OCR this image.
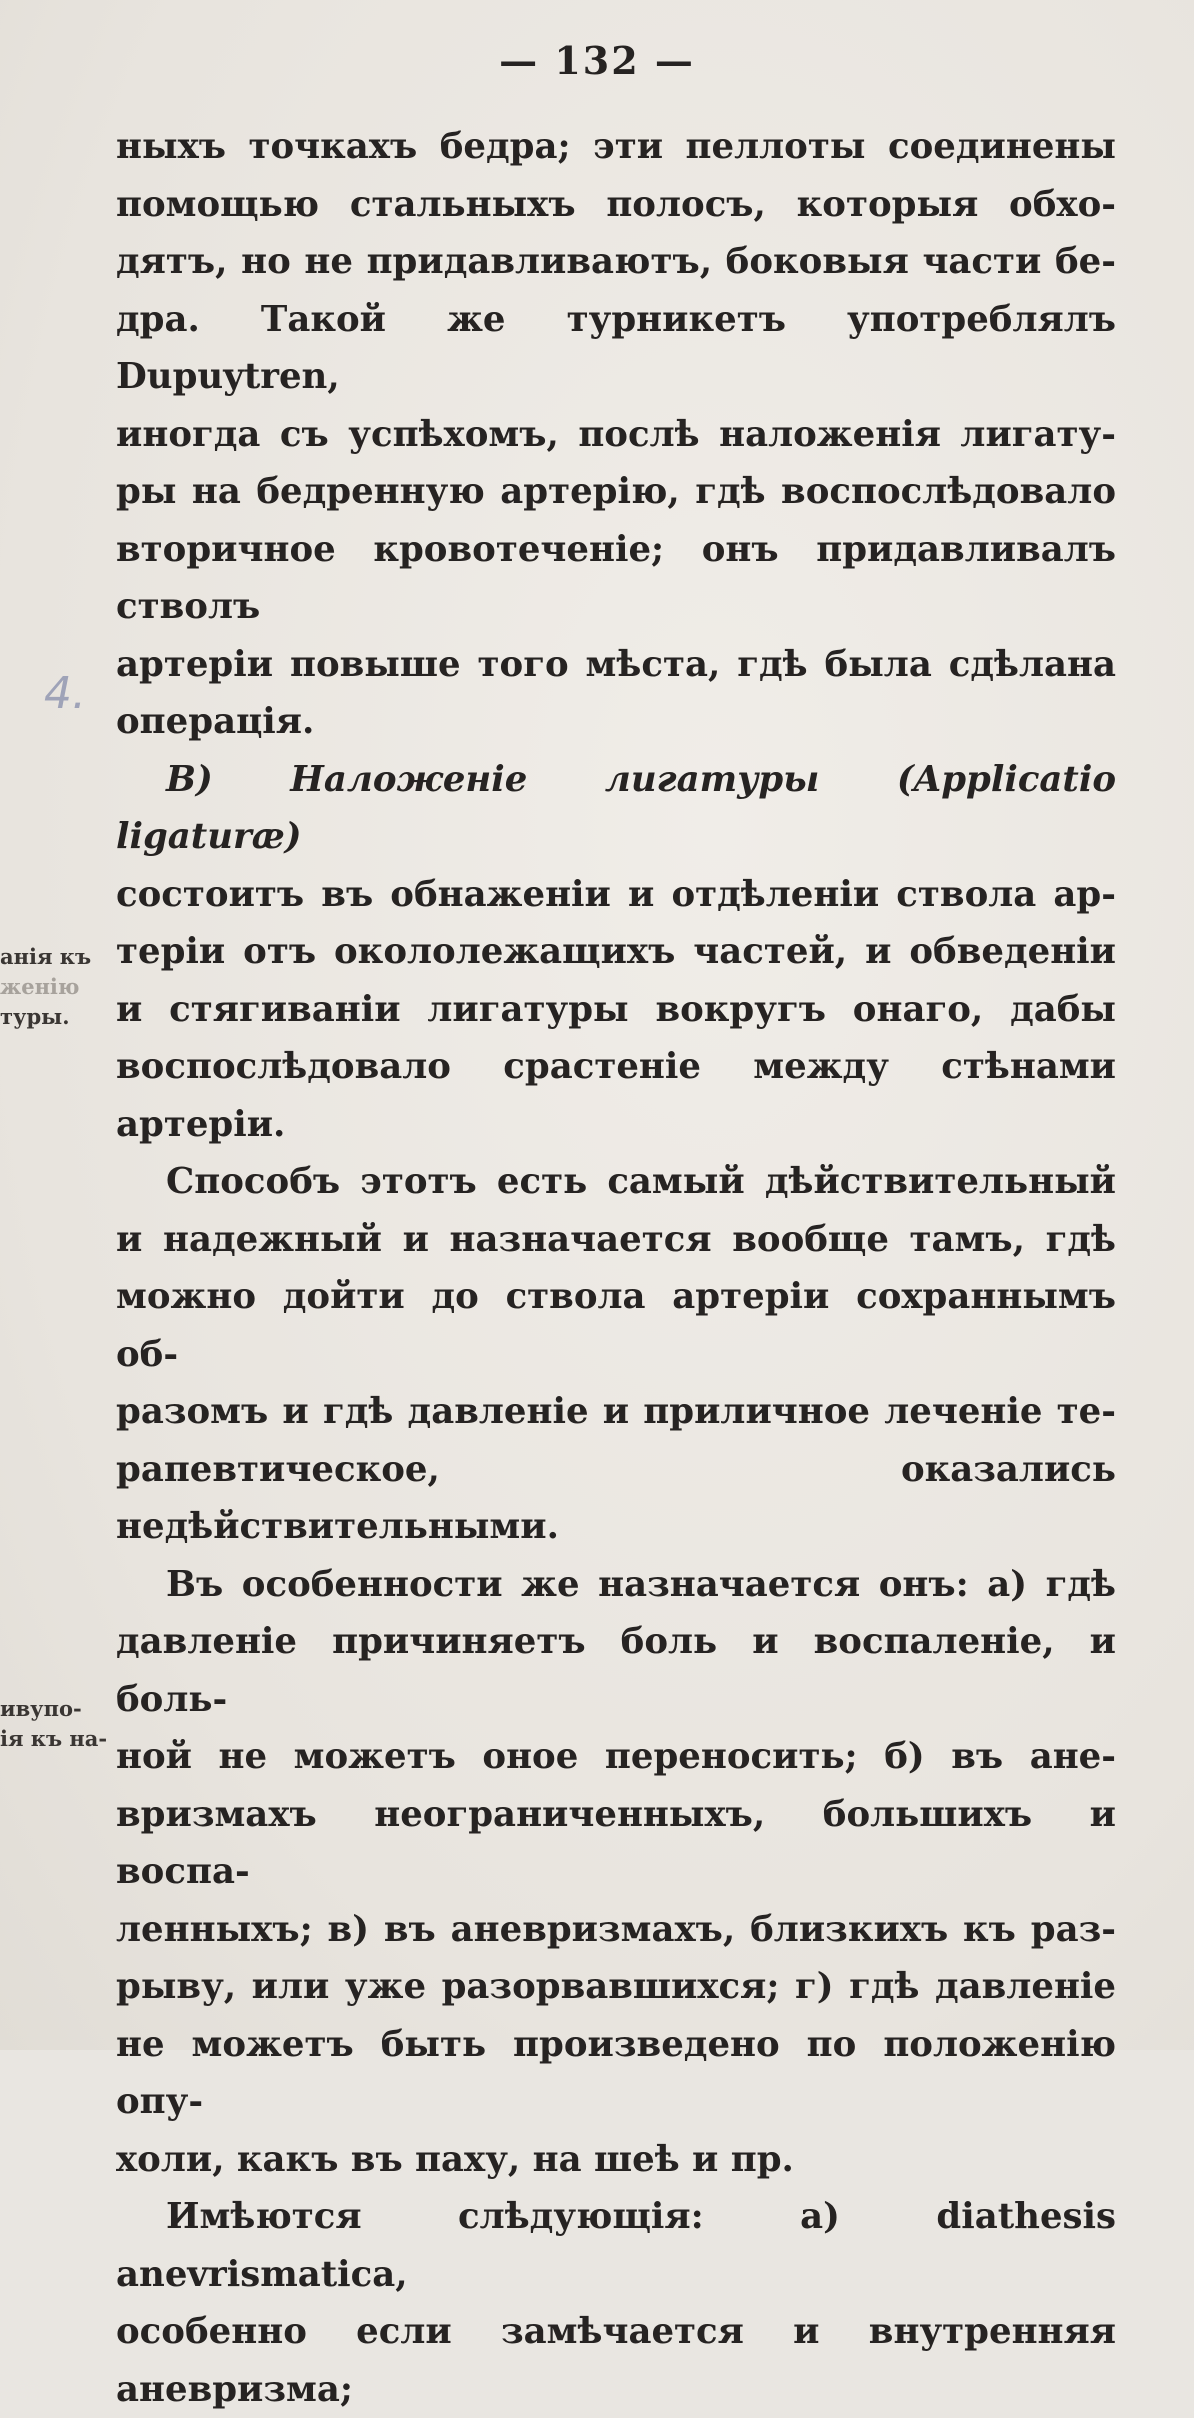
— 132 —
4.
анія къ
женію
туры.
ивупо-
ія къ на-

ныхъ точкахъ бедра; эти пеллоты соединены

помощью стальныхъ полосъ, которыя обхо-

дятъ, но не придавливаютъ, боковыя части бе-

дра. Такой же турникетъ употреблялъ Dupuytren,

иногда съ успѣхомъ, послѣ наложенія лигату-

ры на бедренную артерію, гдѣ воспослѣдовало

вторичное кровотеченіе; онъ придавливалъ стволъ

артеріи повыше того мѣста, гдѣ была сдѣлана

операція.

B) Наложеніе лигатуры (Applicatio ligaturæ)

состоитъ въ обнаженіи и отдѣленіи ствола ар-

теріи отъ окололежащихъ частей, и обведеніи

и стягиваніи лигатуры вокругъ онаго, дабы

воспослѣдовало срастеніе между стѣнами артеріи.

Способъ этотъ есть самый дѣйствительный

и надежный и назначается вообще тамъ, гдѣ

можно дойти до ствола артеріи сохраннымъ об-

разомъ и гдѣ давленіе и приличное леченіе те-

рапевтическое, оказались недѣйствительными.

Въ особенности же назначается онъ: а) гдѣ

давленіе причиняетъ боль и воспаленіе, и боль-

ной не можетъ оное переносить; б) въ ане-

вризмахъ неограниченныхъ, большихъ и воспа-

ленныхъ; в) въ аневризмахъ, близкихъ къ раз-

рыву, или уже разорвавшихся; г) гдѣ давленіе

не можетъ быть произведено по положенію опу-

холи, какъ въ паху, на шеѣ и пр.

Имѣются слѣдующія: а) diathesis anevrismatica,

особенно если замѣчается и внутренняя аневризма;
